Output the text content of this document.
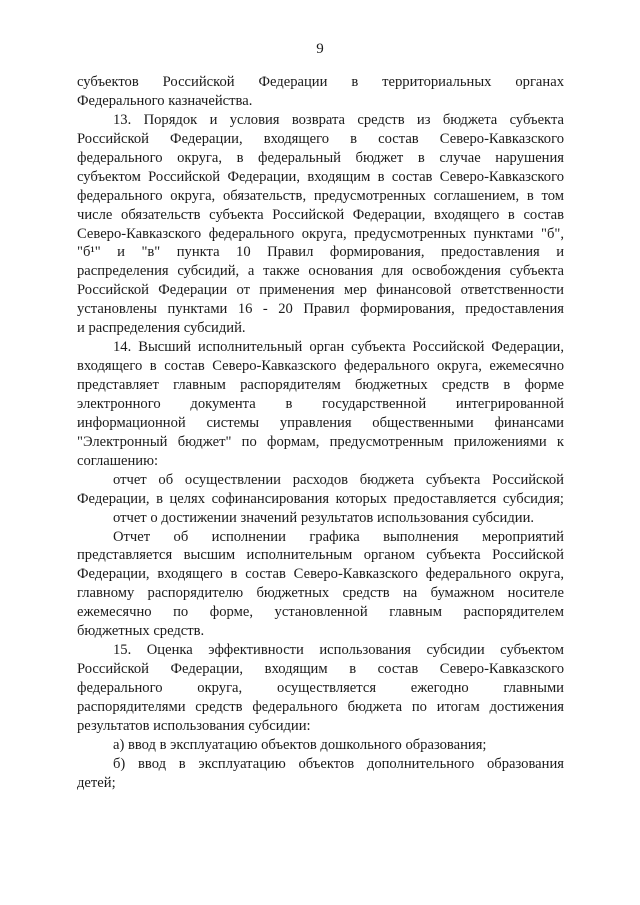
9
субъектов Российской Федерации в территориальных органах
Федерального казначейства.
13. Порядок и условия возврата средств из бюджета субъекта
Российской Федерации, входящего в состав Северо-Кавказского
федерального округа, в федеральный бюджет в случае нарушения
субъектом Российской Федерации, входящим в состав Северо-Кавказского
федерального округа, обязательств, предусмотренных соглашением, в том
числе обязательств субъекта Российской Федерации, входящего в состав
Северо-Кавказского федерального округа, предусмотренных пунктами "б",
"б¹" и "в" пункта 10 Правил формирования, предоставления и
распределения субсидий, а также основания для освобождения субъекта
Российской Федерации от применения мер финансовой ответственности
установлены пунктами 16 - 20 Правил формирования, предоставления
и распределения субсидий.
14. Высший исполнительный орган субъекта Российской Федерации,
входящего в состав Северо-Кавказского федерального округа, ежемесячно
представляет главным распорядителям бюджетных средств в форме
электронного документа в государственной интегрированной
информационной системы управления общественными финансами
"Электронный бюджет" по формам, предусмотренным приложениями к
соглашению:
отчет об осуществлении расходов бюджета субъекта Российской
Федерации, в целях софинансирования которых предоставляется субсидия;
отчет о достижении значений результатов использования субсидии.
Отчет об исполнении графика выполнения мероприятий
представляется высшим исполнительным органом субъекта Российской
Федерации, входящего в состав Северо-Кавказского федерального округа,
главному распорядителю бюджетных средств на бумажном носителе
ежемесячно по форме, установленной главным распорядителем
бюджетных средств.
15. Оценка эффективности использования субсидии субъектом
Российской Федерации, входящим в состав Северо-Кавказского
федерального округа, осуществляется ежегодно главными
распорядителями средств федерального бюджета по итогам достижения
результатов использования субсидии:
а) ввод в эксплуатацию объектов дошкольного образования;
б) ввод в эксплуатацию объектов дополнительного образования
детей;
